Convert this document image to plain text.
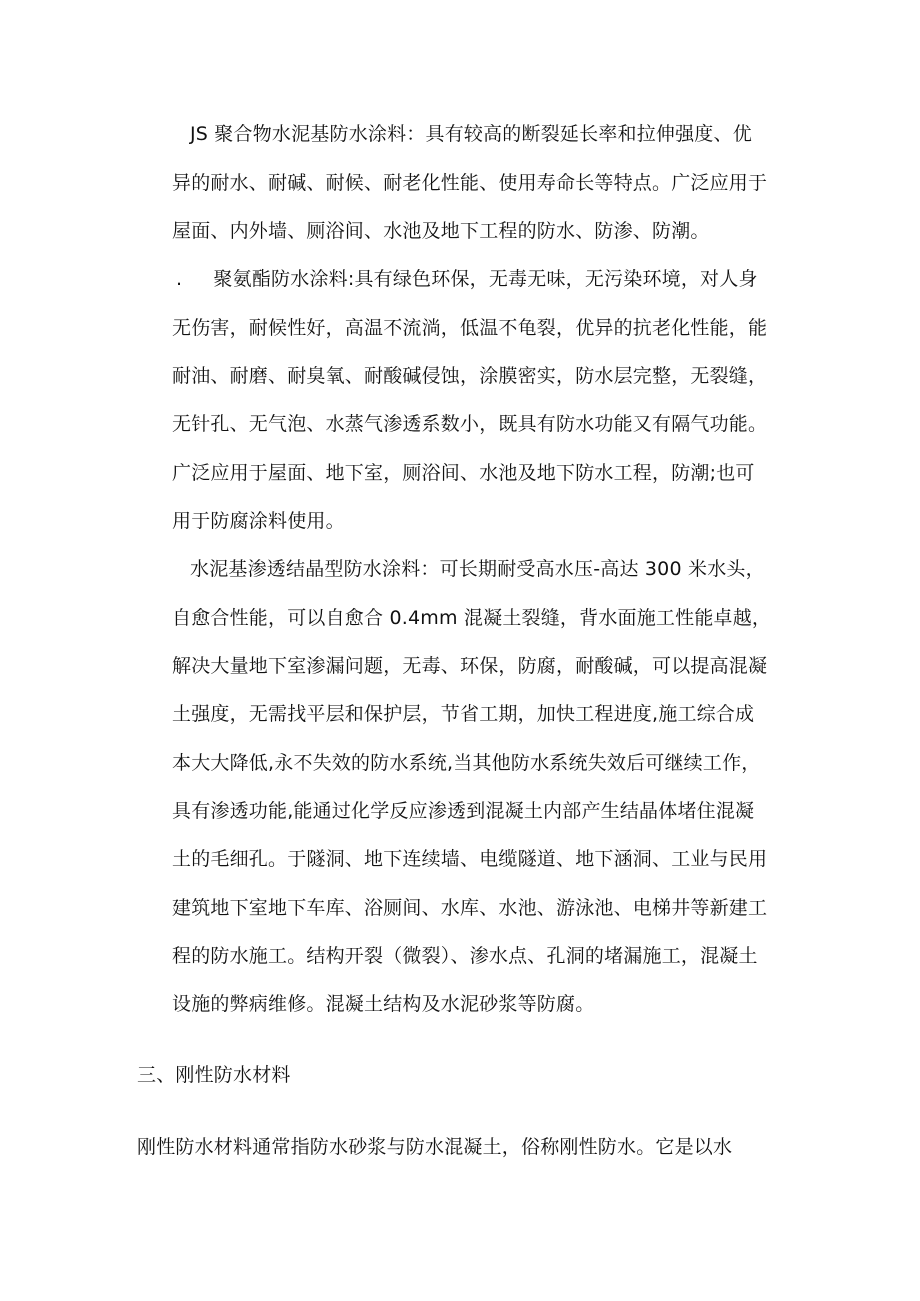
JS 聚合物水泥基防水涂料：具有较高的断裂延长率和拉伸强度、优
异的耐水、耐碱、耐候、耐老化性能、使用寿命长等特点。广泛应用于
屋面、内外墙、厕浴间、水池及地下工程的防水、防渗、防潮。
.     聚氨酯防水涂料:具有绿色环保，无毒无味，无污染环境，对人身
无伤害，耐候性好，高温不流淌，低温不龟裂，优异的抗老化性能，能
耐油、耐磨、耐臭氧、耐酸碱侵蚀，涂膜密实，防水层完整，无裂缝，
无针孔、无气泡、水蒸气渗透系数小，既具有防水功能又有隔气功能。
广泛应用于屋面、地下室，厕浴间、水池及地下防水工程，防潮;也可
用于防腐涂料使用。
水泥基渗透结晶型防水涂料：可长期耐受高水压-高达 300 米水头，
自愈合性能，可以自愈合 0.4mm 混凝土裂缝，背水面施工性能卓越，
解决大量地下室渗漏问题，无毒、环保，防腐，耐酸碱，可以提高混凝
土强度，无需找平层和保护层，节省工期，加快工程进度,施工综合成
本大大降低,永不失效的防水系统,当其他防水系统失效后可继续工作，
具有渗透功能,能通过化学反应渗透到混凝土内部产生结晶体堵住混凝
土的毛细孔。于隧洞、地下连续墙、电缆隧道、地下涵洞、工业与民用
建筑地下室地下车库、浴厕间、水库、水池、游泳池、电梯井等新建工
程的防水施工。结构开裂（微裂）、渗水点、孔洞的堵漏施工，混凝土
设施的弊病维修。混凝土结构及水泥砂浆等防腐。
三、刚性防水材料
刚性防水材料通常指防水砂浆与防水混凝土，俗称刚性防水。它是以水
